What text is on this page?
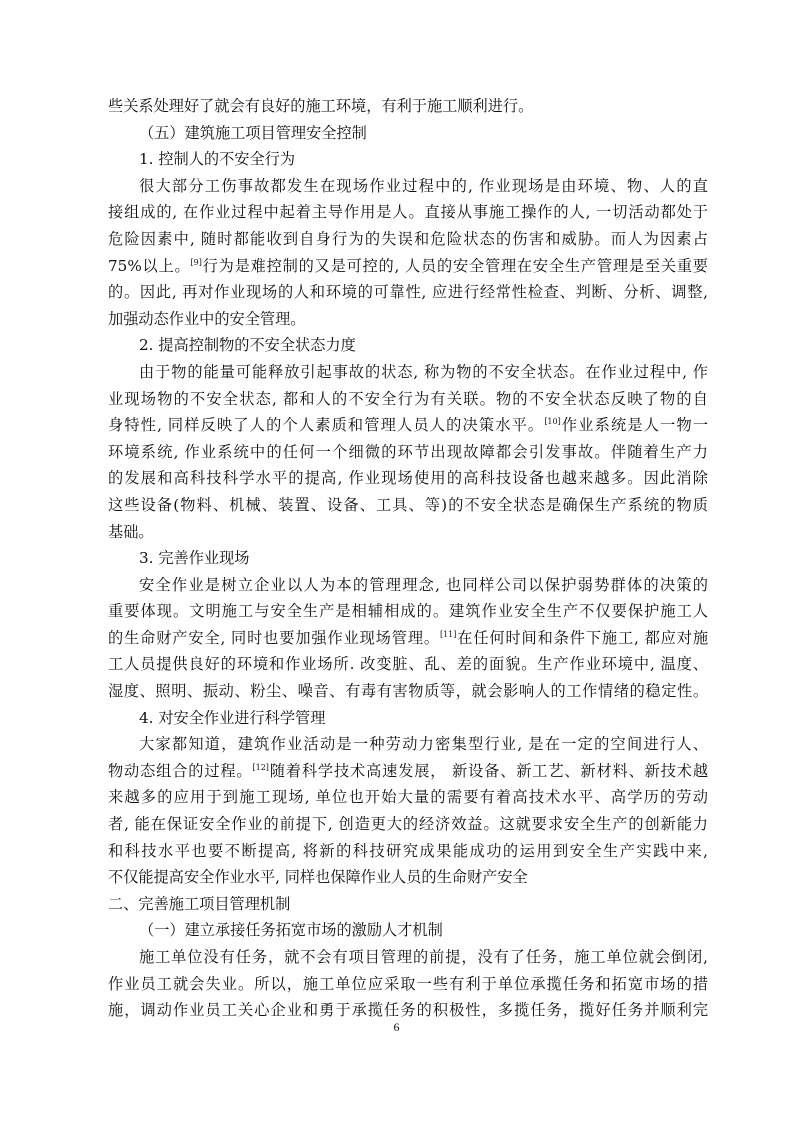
些关系处理好了就会有良好的施工环境，有利于施工顺利进行。
（五）建筑施工项目管理安全控制
1. 控制人的不安全行为
很大部分工伤事故都发生在现场作业过程中的, 作业现场是由环境、物、人的直
接组成的, 在作业过程中起着主导作用是人。直接从事施工操作的人, 一切活动都处于
危险因素中, 随时都能收到自身行为的失误和危险状态的伤害和威胁。而人为因素占
75%以上。[9]行为是难控制的又是可控的, 人员的安全管理在安全生产管理是至关重要
的。因此, 再对作业现场的人和环境的可靠性, 应进行经常性检查、判断、分析、调整,
加强动态作业中的安全管理。
2. 提高控制物的不安全状态力度
由于物的能量可能释放引起事故的状态, 称为物的不安全状态。在作业过程中, 作
业现场物的不安全状态, 都和人的不安全行为有关联。物的不安全状态反映了物的自
身特性, 同样反映了人的个人素质和管理人员人的决策水平。[10]作业系统是人一物一
环境系统, 作业系统中的任何一个细微的环节出现故障都会引发事故。伴随着生产力
的发展和高科技科学水平的提高, 作业现场使用的高科技设备也越来越多。因此消除
这些设备(物料、机械、装置、设备、工具、等)的不安全状态是确保生产系统的物质
基础。
3. 完善作业现场
安全作业是树立企业以人为本的管理理念, 也同样公司以保护弱势群体的决策的
重要体现。文明施工与安全生产是相辅相成的。建筑作业安全生产不仅要保护施工人
的生命财产安全, 同时也要加强作业现场管理。[11]在任何时间和条件下施工, 都应对施
工人员提供良好的环境和作业场所. 改变脏、乱、差的面貌。生产作业环境中, 温度、
湿度、照明、振动、粉尘、噪音、有毒有害物质等，就会影响人的工作情绪的稳定性。
4. 对安全作业进行科学管理
大家都知道，建筑作业活动是一种劳动力密集型行业, 是在一定的空间进行人、
物动态组合的过程。[12]随着科学技术高速发展， 新设备、新工艺、新材料、新技术越
来越多的应用于到施工现场, 单位也开始大量的需要有着高技术水平、高学历的劳动
者, 能在保证安全作业的前提下, 创造更大的经济效益。这就要求安全生产的创新能力
和科技水平也要不断提高, 将新的科技研究成果能成功的运用到安全生产实践中来,
不仅能提高安全作业水平, 同样也保障作业人员的生命财产安全
二、完善施工项目管理机制
（一）建立承接任务拓宽市场的激励人才机制
施工单位没有任务，就不会有项目管理的前提，没有了任务，施工单位就会倒闭,
作业员工就会失业。所以，施工单位应采取一些有利于单位承揽任务和拓宽市场的措
施，调动作业员工关心企业和勇于承揽任务的积极性，多揽任务，揽好任务并顺利完
6
